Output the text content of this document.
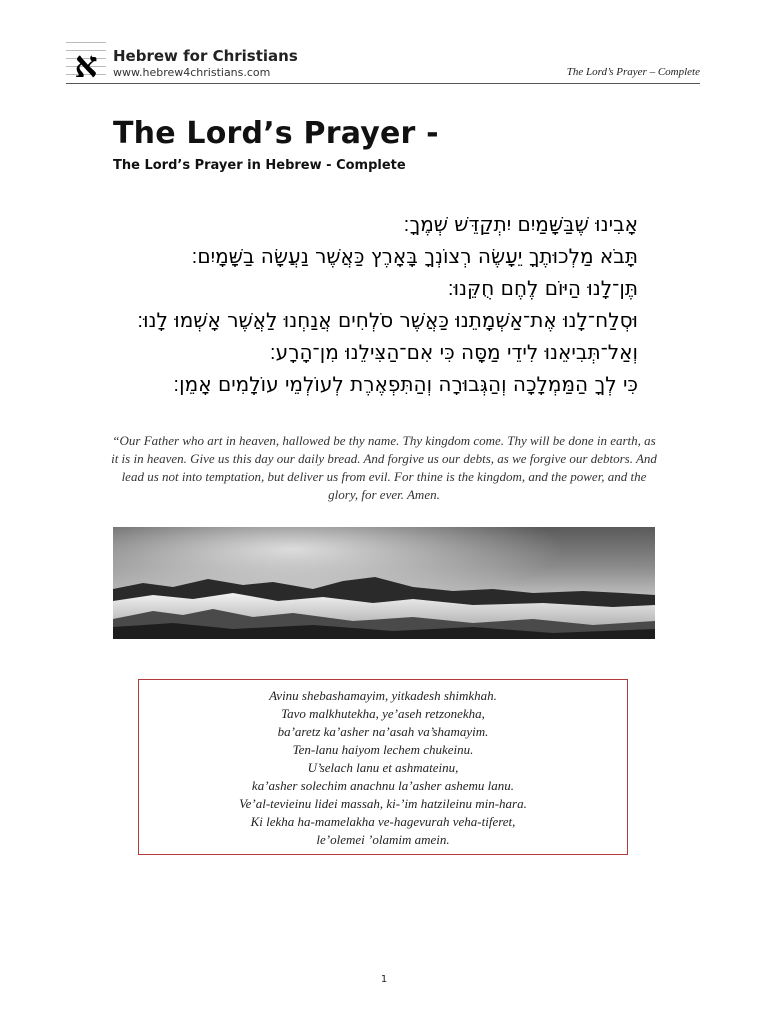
א Hebrew for Christians
www.hebrew4christians.com	The Lord’s Prayer – Complete
The Lord’s Prayer -
The Lord’s Prayer in Hebrew - Complete
אָבִינוּ שֶׁבַּשָּׁמַיִם יִתְקַדֵּשׁ שְׁמֶךָ׃
תָּבֹא מַלְכוּתֶךָ יֵעָשֶׂה רְצוֹנְךָ בָּאָרֶץ כַּאֲשֶׁר נַעֲשָׂה בַשָּׁמָיִם׃
תֶּן־לָנוּ הַיּוֹם לֶחֶם חֻקֵּנוּ׃
וּסְלַח־לָנוּ אֶת־אַשְׁמָתֵנוּ כַּאֲשֶׁר סֹלְחִים אֲנַחְנוּ לַאֲשֶׁר אָשְׁמוּ לָנוּ׃
וְאַל־תְּבִיאֵנוּ לִידֵי מַסָּה כִּי אִם־הַצִּילֵנוּ מִן־הָרָע׃
כִּי לְךָ הַמַּמְלָכָה וְהַגְּבוּרָה וְהַתִּפְאֶרֶת לְעוֹלְמֵי עוֹלָמִים אָמֵן׃

“Our Father who art in heaven, hallowed be thy name. Thy kingdom come. Thy will be done in earth, as it is in heaven. Give us this day our daily bread. And forgive us our debts, as we forgive our debtors. And lead us not into temptation, but deliver us from evil. For thine is the kingdom, and the power, and the glory, for ever. Amen.

Avinu shebashamayim, yitkadesh shimkhah.
Tavo malkhutekha, ye’aseh retzonekha,
ba’aretz ka’asher na’asah va’shamayim.
Ten-lanu haiyom lechem chukeinu.
U’selach lanu et ashmateinu,
ka’asher solechim anachnu la’asher ashemu lanu.
Ve’al-tevieinu lidei massah, ki-’im hatzileinu min-hara.
Ki lekha ha-mamelakha ve-hagevurah veha-tiferet,
le’olemei ’olamim amein.
1
